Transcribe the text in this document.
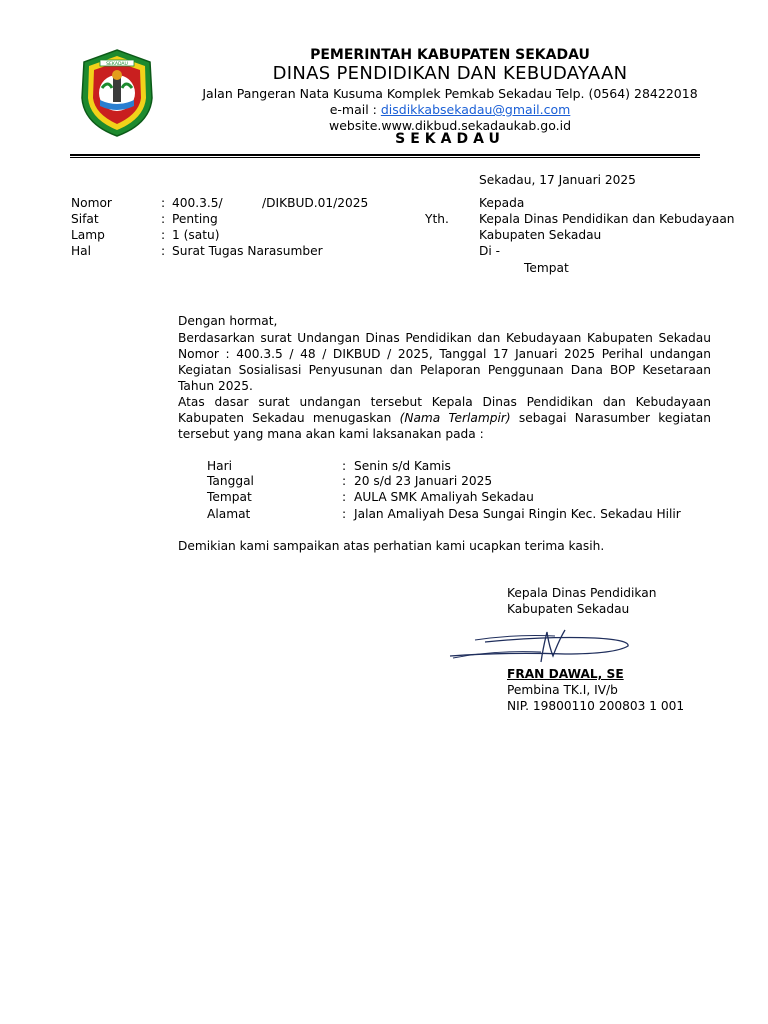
SEKADAU
PEMERINTAH KABUPATEN SEKADAU
DINAS PENDIDIKAN DAN KEBUDAYAAN
Jalan Pangeran Nata Kusuma Komplek Pemkab Sekadau Telp. (0564) 28422018
e-mail : disdikkabsekadau@gmail.com
website.www.dikbud.sekadaukab.go.id
SEKADAU
Sekadau, 17 Januari 2025
Nomor	: 400.3.5/	/DIKBUD.01/2025
Sifat	: Penting
Lamp	: 1 (satu)
Hal	: Surat Tugas Narasumber
Kepada
Yth. Kepala Dinas Pendidikan dan Kebudayaan
Kabupaten Sekadau
Di -
Tempat
Dengan hormat,
Berdasarkan surat Undangan Dinas Pendidikan dan Kebudayaan Kabupaten Sekadau Nomor : 400.3.5 / 48 / DIKBUD / 2025, Tanggal 17 Januari 2025 Perihal undangan Kegiatan Sosialisasi Penyusunan dan Pelaporan Penggunaan Dana BOP Kesetaraan Tahun 2025.
Atas dasar surat undangan tersebut Kepala Dinas Pendidikan dan Kebudayaan Kabupaten Sekadau menugaskan (Nama Terlampir) sebagai Narasumber kegiatan tersebut yang mana akan kami laksanakan pada :
Hari	: Senin s/d Kamis
Tanggal	: 20 s/d 23 Januari 2025
Tempat	: AULA SMK Amaliyah Sekadau
Alamat	: Jalan Amaliyah Desa Sungai Ringin Kec. Sekadau Hilir
Demikian kami sampaikan atas perhatian kami ucapkan terima kasih.
Kepala Dinas Pendidikan
Kabupaten Sekadau
FRAN DAWAL, SE
Pembina TK.I, IV/b
NIP. 19800110 200803 1 001
